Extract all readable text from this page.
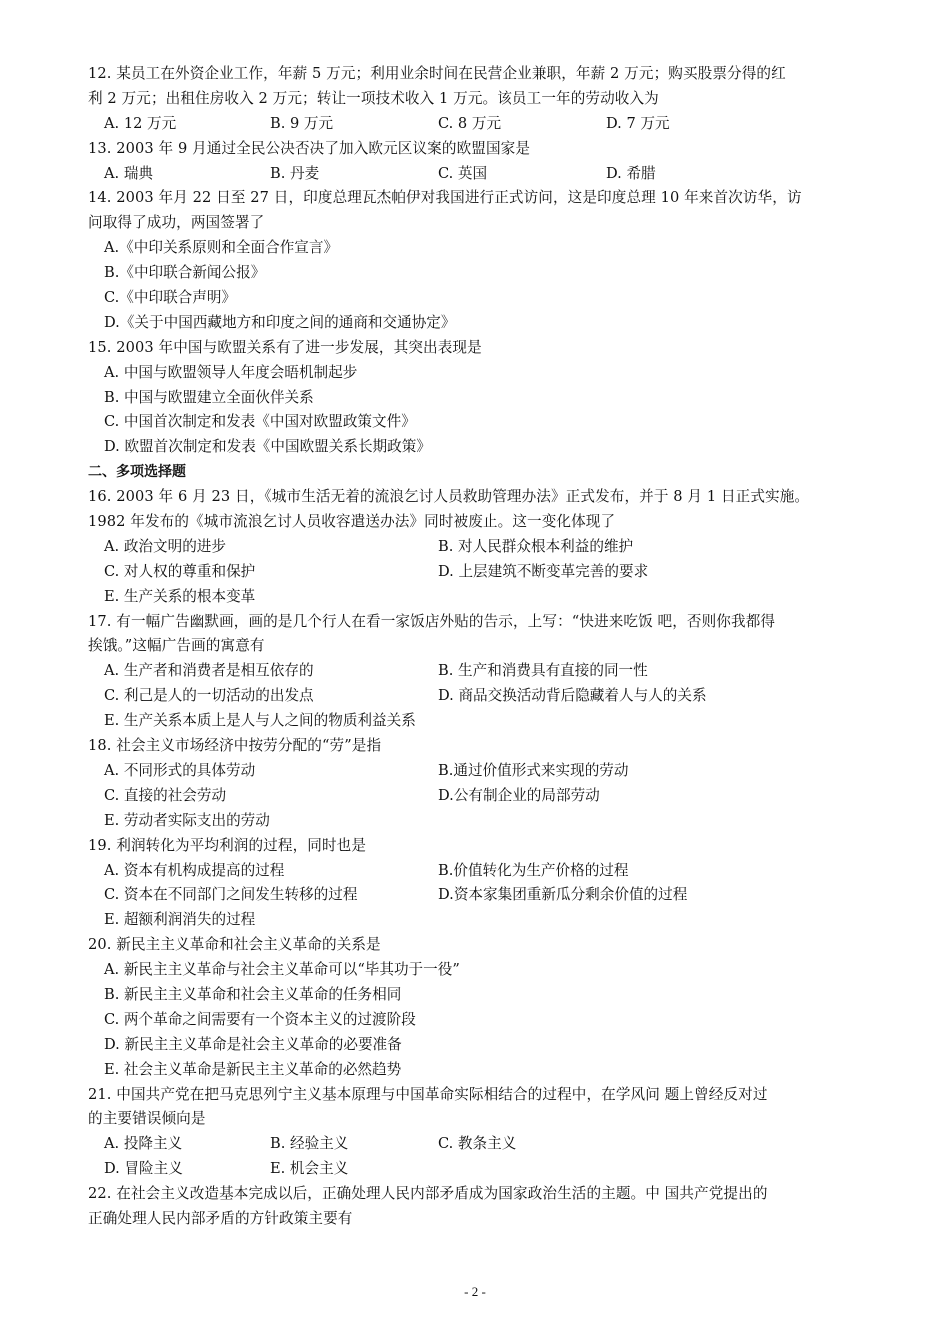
12. 某员工在外资企业工作，年薪 5 万元；利用业余时间在民营企业兼职，年薪 2 万元；购买股票分得的红
利 2 万元；出租住房收入 2 万元；转让一项技术收入 1 万元。该员工一年的劳动收入为
A. 12 万元	B. 9 万元	C. 8 万元	D. 7 万元
13. 2003 年 9 月通过全民公决否决了加入欧元区议案的欧盟国家是
A. 瑞典	B. 丹麦	C. 英国	D. 希腊
14. 2003 年月 22 日至 27 日，印度总理瓦杰帕伊对我国进行正式访问，这是印度总理 10 年来首次访华，访
问取得了成功，两国签署了
A.《中印关系原则和全面合作宣言》
B.《中印联合新闻公报》
C.《中印联合声明》
D.《关于中国西藏地方和印度之间的通商和交通协定》
15. 2003 年中国与欧盟关系有了进一步发展，其突出表现是
A. 中国与欧盟领导人年度会晤机制起步
B. 中国与欧盟建立全面伙伴关系
C. 中国首次制定和发表《中国对欧盟政策文件》
D. 欧盟首次制定和发表《中国欧盟关系长期政策》
二、多项选择题
16. 2003 年 6 月 23 日，《城市生活无着的流浪乞讨人员救助管理办法》正式发布，并于 8 月 1 日正式实施。
1982 年发布的《城市流浪乞讨人员收容遣送办法》同时被废止。这一变化体现了
A. 政治文明的进步	B. 对人民群众根本利益的维护
C. 对人权的尊重和保护	D. 上层建筑不断变革完善的要求
E. 生产关系的根本变革
17. 有一幅广告幽默画，画的是几个行人在看一家饭店外贴的告示，上写：“快进来吃饭 吧，否则你我都得
挨饿。”这幅广告画的寓意有
A. 生产者和消费者是相互依存的	B. 生产和消费具有直接的同一性
C. 利己是人的一切活动的出发点	D. 商品交换活动背后隐藏着人与人的关系
E. 生产关系本质上是人与人之间的物质利益关系
18. 社会主义市场经济中按劳分配的“劳”是指
A. 不同形式的具体劳动	B.通过价值形式来实现的劳动
C. 直接的社会劳动	D.公有制企业的局部劳动
E. 劳动者实际支出的劳动
19. 利润转化为平均利润的过程，同时也是
A. 资本有机构成提高的过程	B.价值转化为生产价格的过程
C. 资本在不同部门之间发生转移的过程	D.资本家集团重新瓜分剩余价值的过程
E. 超额利润消失的过程
20. 新民主主义革命和社会主义革命的关系是
A. 新民主主义革命与社会主义革命可以“毕其功于一役”
B. 新民主主义革命和社会主义革命的任务相同
C. 两个革命之间需要有一个资本主义的过渡阶段
D. 新民主主义革命是社会主义革命的必要准备
E. 社会主义革命是新民主主义革命的必然趋势
21. 中国共产党在把马克思列宁主义基本原理与中国革命实际相结合的过程中，在学风问 题上曾经反对过
的主要错误倾向是
A. 投降主义	B. 经验主义	C. 教条主义
D. 冒险主义	E. 机会主义
22. 在社会主义改造基本完成以后，正确处理人民内部矛盾成为国家政治生活的主题。中 国共产党提出的
正确处理人民内部矛盾的方针政策主要有
- 2 -
